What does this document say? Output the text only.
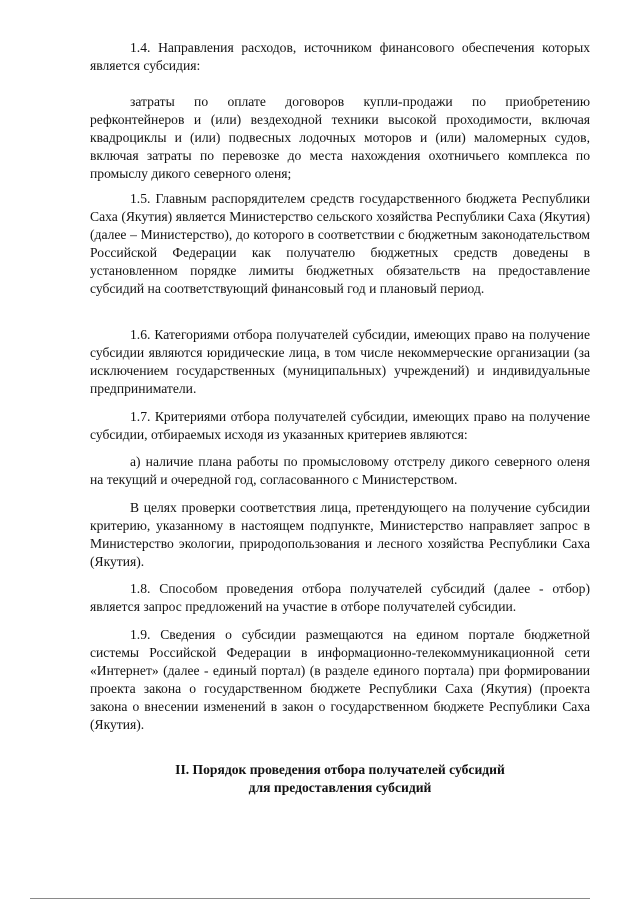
1.4. Направления расходов, источником финансового обеспечения которых является субсидия:

затраты по оплате договоров купли-продажи по приобретению рефконтейнеров и (или) вездеходной техники высокой проходимости, включая квадроциклы и (или) подвесных лодочных моторов и (или) маломерных судов, включая затраты по перевозке до места нахождения охотничьего комплекса по промыслу дикого северного оленя;

1.5. Главным распорядителем средств государственного бюджета Республики Саха (Якутия) является Министерство сельского хозяйства Республики Саха (Якутия) (далее – Министерство), до которого в соответствии с бюджетным законодательством Российской Федерации как получателю бюджетных средств доведены в установленном порядке лимиты бюджетных обязательств на предоставление субсидий на соответствующий финансовый год и плановый период.

1.6. Категориями отбора получателей субсидии, имеющих право на получение субсидии являются юридические лица, в том числе некоммерческие организации (за исключением государственных (муниципальных) учреждений) и индивидуальные предприниматели.

1.7. Критериями отбора получателей субсидии, имеющих право на получение субсидии, отбираемых исходя из указанных критериев являются:

а) наличие плана работы по промысловому отстрелу дикого северного оленя на текущий и очередной год, согласованного с Министерством.

В целях проверки соответствия лица, претендующего на получение субсидии критерию, указанному в настоящем подпункте, Министерство направляет запрос в Министерство экологии, природопользования и лесного хозяйства Республики Саха (Якутия).

1.8. Способом проведения отбора получателей субсидий (далее - отбор) является запрос предложений на участие в отборе получателей субсидии.

1.9. Сведения о субсидии размещаются на едином портале бюджетной системы Российской Федерации в информационно-телекоммуникационной сети «Интернет» (далее - единый портал) (в разделе единого портала) при формировании проекта закона о государственном бюджете Республики Саха (Якутия) (проекта закона о внесении изменений в закон о государственном бюджете Республики Саха (Якутия).

II. Порядок проведения отбора получателей субсидий
для предоставления субсидий
